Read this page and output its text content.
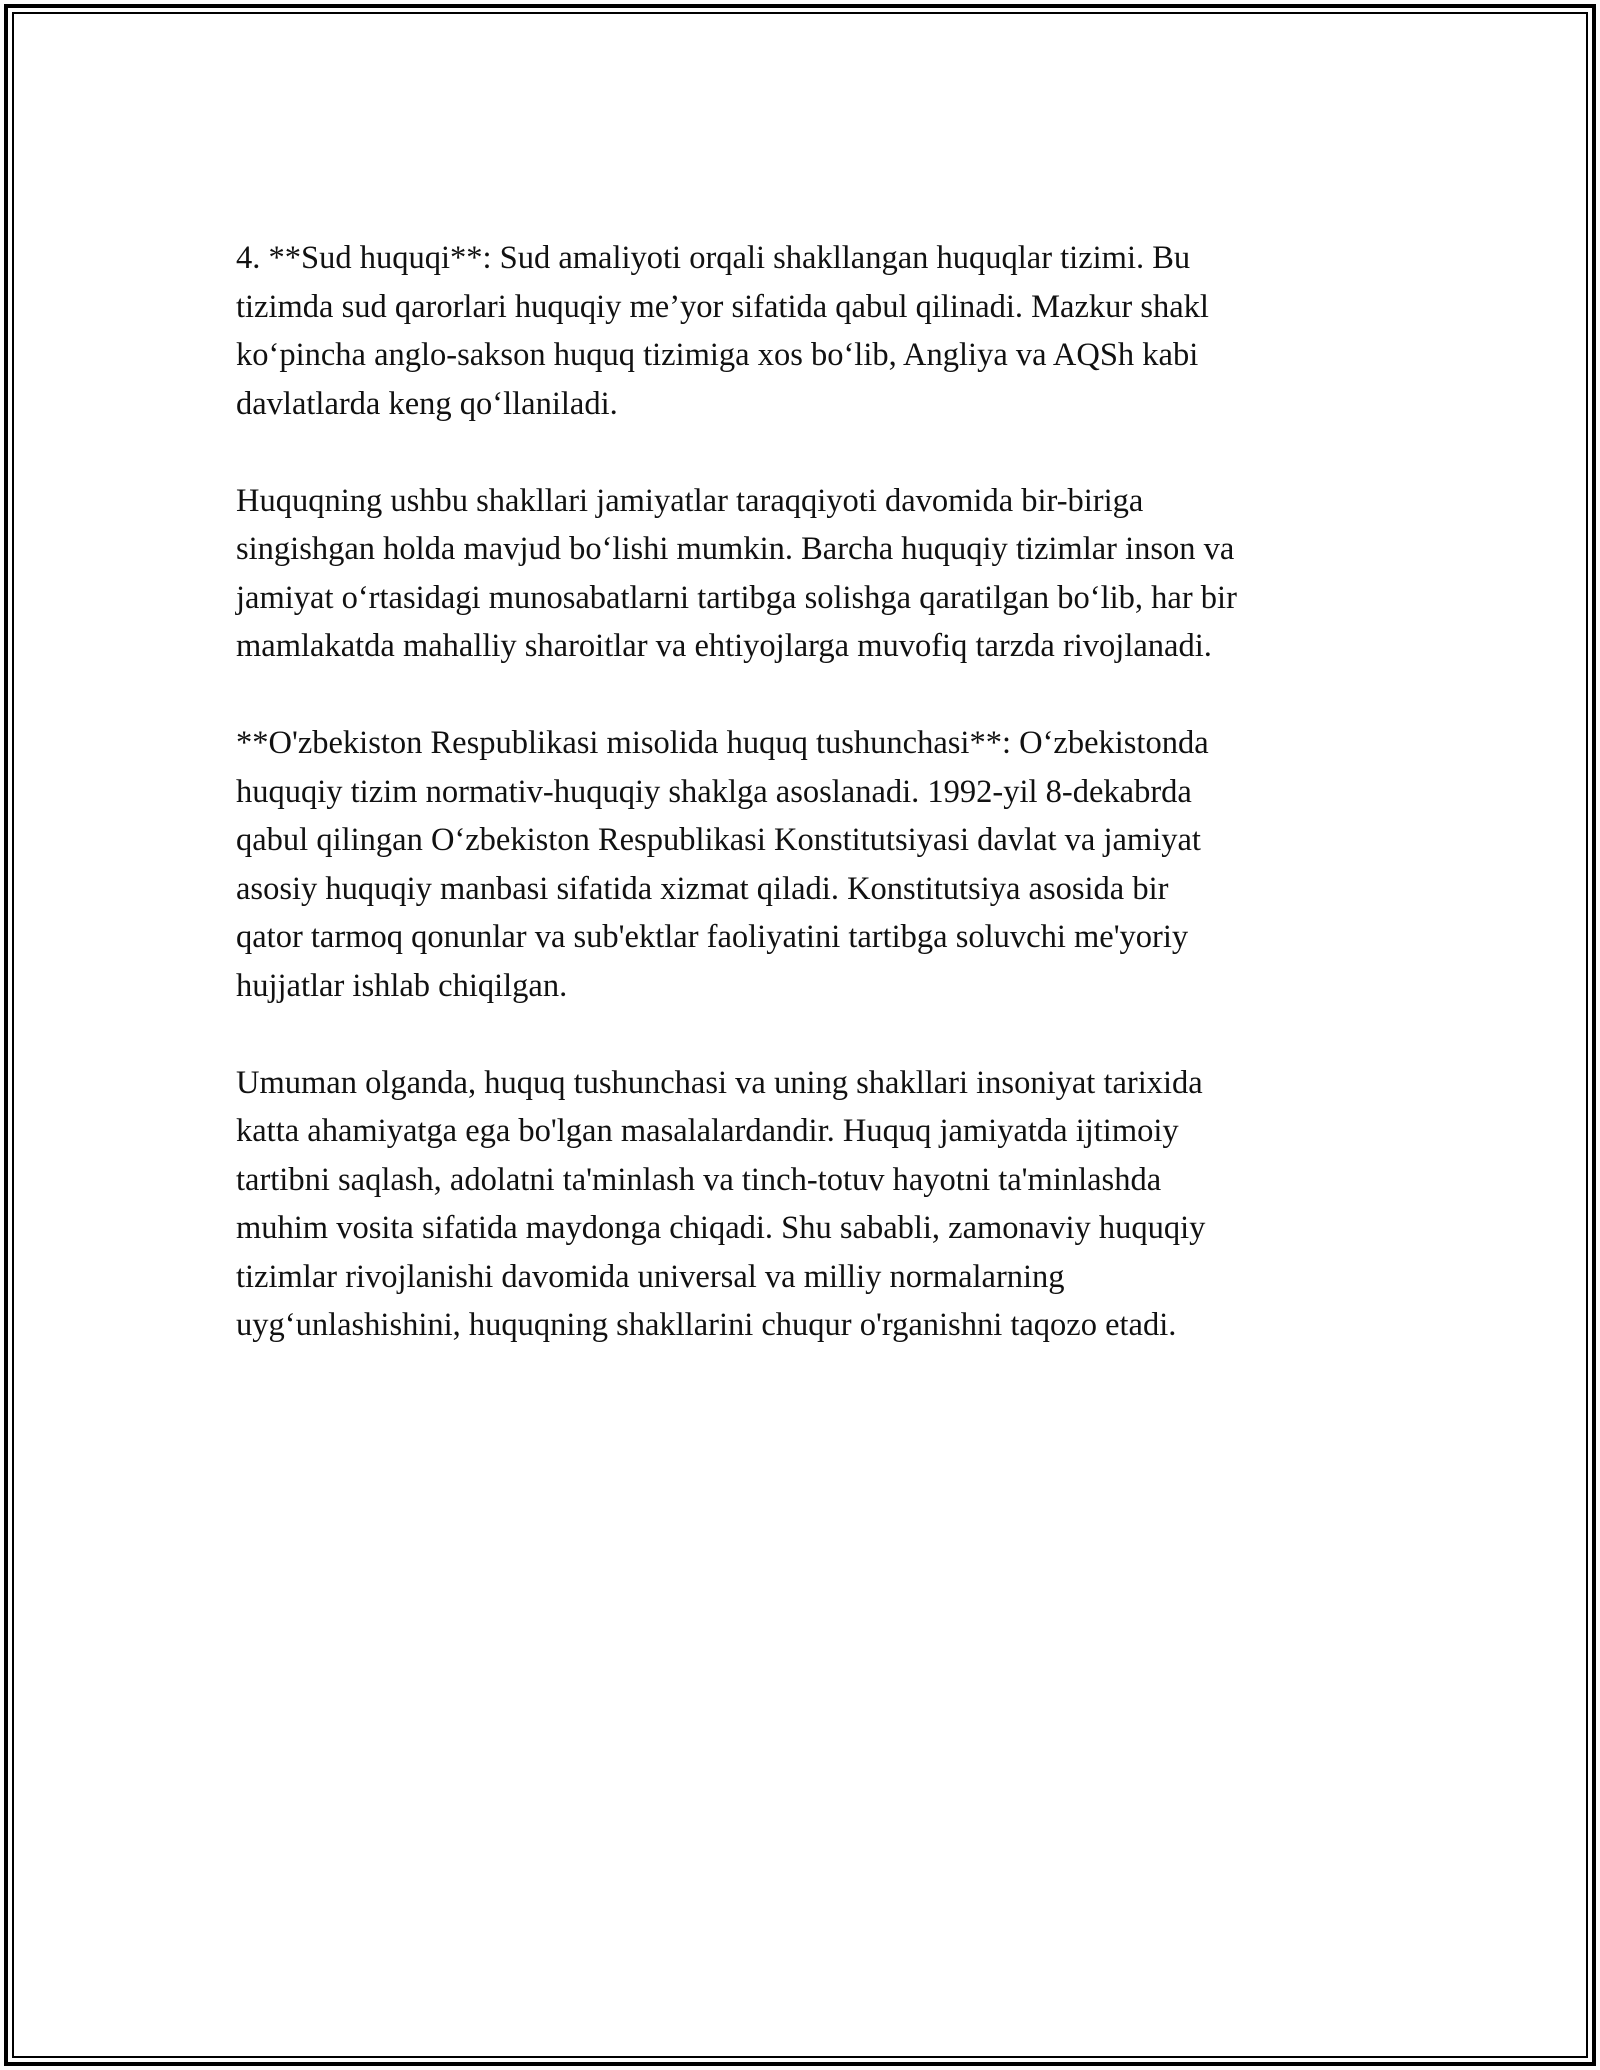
4. **Sud huquqi**: Sud amaliyoti orqali shakllangan huquqlar tizimi. Bu
tizimda sud qarorlari huquqiy me’yor sifatida qabul qilinadi. Mazkur shakl
ko‘pincha anglo-sakson huquq tizimiga xos bo‘lib, Angliya va AQSh kabi
davlatlarda keng qo‘llaniladi.

Huquqning ushbu shakllari jamiyatlar taraqqiyoti davomida bir-biriga
singishgan holda mavjud bo‘lishi mumkin. Barcha huquqiy tizimlar inson va
jamiyat o‘rtasidagi munosabatlarni tartibga solishga qaratilgan bo‘lib, har bir
mamlakatda mahalliy sharoitlar va ehtiyojlarga muvofiq tarzda rivojlanadi.

**O'zbekiston Respublikasi misolida huquq tushunchasi**: O‘zbekistonda
huquqiy tizim normativ-huquqiy shaklga asoslanadi. 1992-yil 8-dekabrda
qabul qilingan O‘zbekiston Respublikasi Konstitutsiyasi davlat va jamiyat
asosiy huquqiy manbasi sifatida xizmat qiladi. Konstitutsiya asosida bir
qator tarmoq qonunlar va sub'ektlar faoliyatini tartibga soluvchi me'yoriy
hujjatlar ishlab chiqilgan.

Umuman olganda, huquq tushunchasi va uning shakllari insoniyat tarixida
katta ahamiyatga ega bo'lgan masalalardandir. Huquq jamiyatda ijtimoiy
tartibni saqlash, adolatni ta'minlash va tinch-totuv hayotni ta'minlashda
muhim vosita sifatida maydonga chiqadi. Shu sababli, zamonaviy huquqiy
tizimlar rivojlanishi davomida universal va milliy normalarning
uyg‘unlashishini, huquqning shakllarini chuqur o'rganishni taqozo etadi.
